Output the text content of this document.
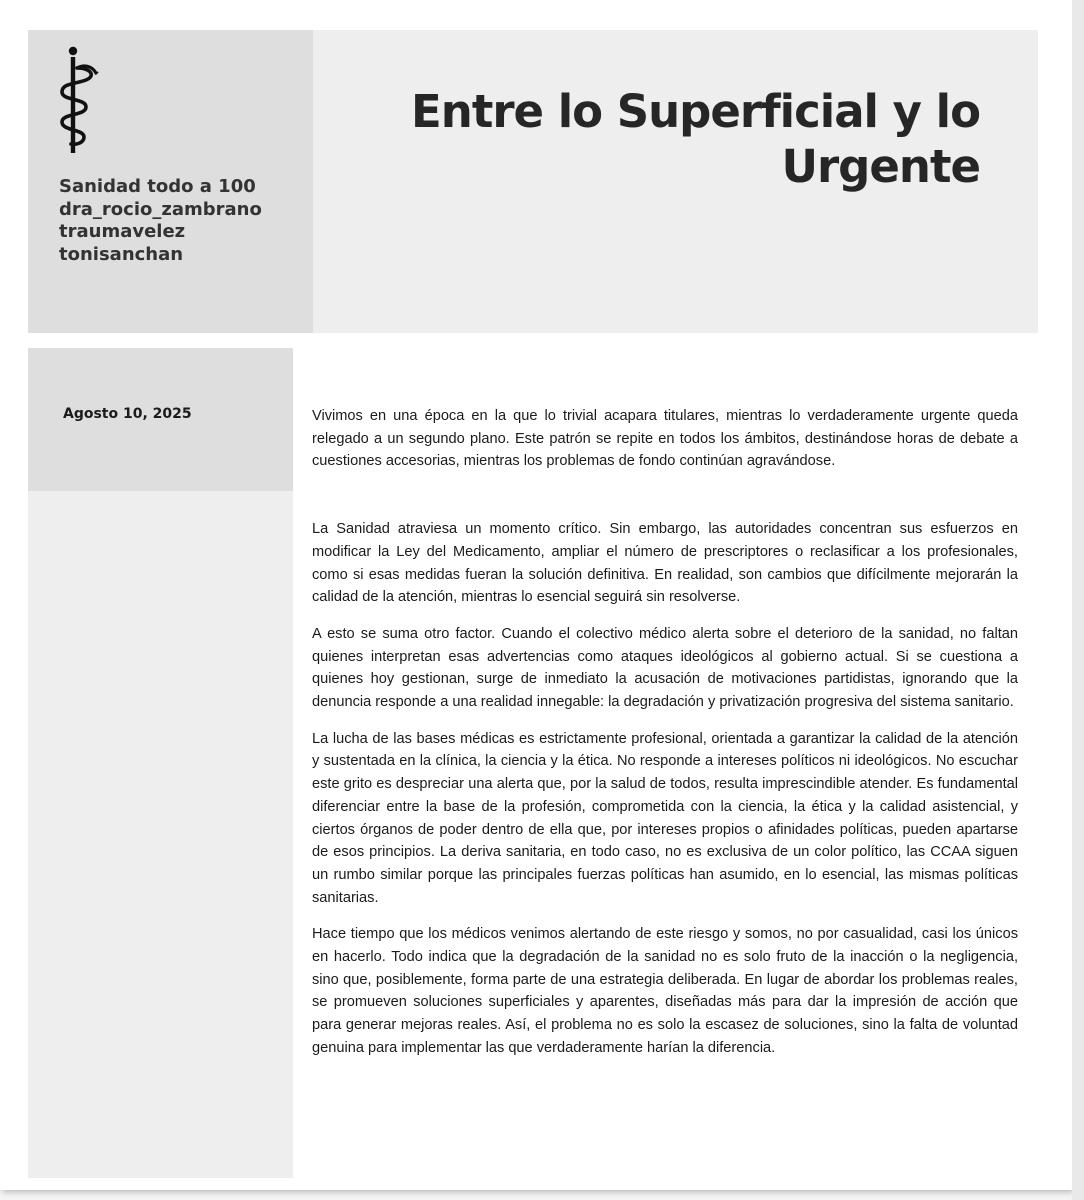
Sanidad todo a 100
dra_rocio_zambrano
traumavelez
tonisanchan
Entre lo Superficial y lo Urgente
Agosto 10, 2025	Vivimos en una época en la que lo trivial acapara titulares, mientras lo verdaderamente urgente queda relegado a un segundo plano. Este patrón se repite en todos los ámbitos, destinándose horas de debate a cuestiones accesorias, mientras los problemas de fondo continúan agravándose.

La Sanidad atraviesa un momento crítico. Sin embargo, las autoridades concentran sus esfuerzos en modificar la Ley del Medicamento, ampliar el número de prescriptores o reclasificar a los profesionales, como si esas medidas fueran la solución definitiva. En realidad, son cambios que difícilmente mejorarán la calidad de la atención, mientras lo esencial seguirá sin resolverse.

A esto se suma otro factor. Cuando el colectivo médico alerta sobre el deterioro de la sanidad, no faltan quienes interpretan esas advertencias como ataques ideológicos al gobierno actual. Si se cuestiona a quienes hoy gestionan, surge de inmediato la acusación de motivaciones partidistas, ignorando que la denuncia responde a una realidad innegable: la degradación y privatización progresiva del sistema sanitario.

La lucha de las bases médicas es estrictamente profesional, orientada a garantizar la calidad de la atención y sustentada en la clínica, la ciencia y la ética. No responde a intereses políticos ni ideológicos. No escuchar este grito es despreciar una alerta que, por la salud de todos, resulta imprescindible atender. Es fundamental diferenciar entre la base de la profesión, comprometida con la ciencia, la ética y la calidad asistencial, y ciertos órganos de poder dentro de ella que, por intereses propios o afinidades políticas, pueden apartarse de esos principios. La deriva sanitaria, en todo caso, no es exclusiva de un color político, las CCAA siguen un rumbo similar porque las principales fuerzas políticas han asumido, en lo esencial, las mismas políticas sanitarias.

Hace tiempo que los médicos venimos alertando de este riesgo y somos, no por casualidad, casi los únicos en hacerlo. Todo indica que la degradación de la sanidad no es solo fruto de la inacción o la negligencia, sino que, posiblemente, forma parte de una estrategia deliberada. En lugar de abordar los problemas reales, se promueven soluciones superficiales y aparentes, diseñadas más para dar la impresión de acción que para generar mejoras reales. Así, el problema no es solo la escasez de soluciones, sino la falta de voluntad genuina para implementar las que verdaderamente harían la diferencia.
